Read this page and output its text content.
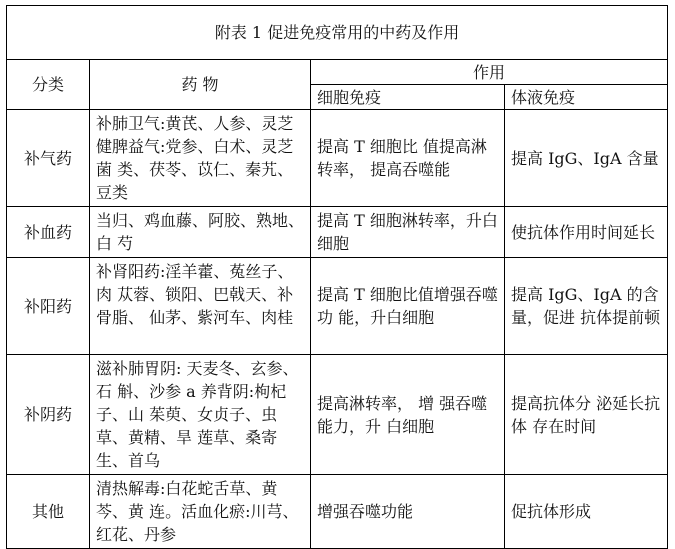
附表 1 促进免疫常用的中药及作用			
分类	药 物	作用	
		细胞免疫	体液免疫
补气药	补肺卫气:黄芪、人参、灵芝 健脾益气:党参、白术、灵芝菌 类、茯苓、苡仁、秦艽、豆类	提高 T 细胞比 值提高淋转率， 提高吞噬能	提高 IgG、IgA 含量
补血药	当归、鸡血藤、阿胶、熟地、白 芍	提高 T 细胞淋转率，升白细胞	使抗体作用时间延长
补阳药	补肾阳药:淫羊藿、菟丝子、肉 苁蓉、锁阳、巴戟天、补骨脂、 仙茅、紫河车、肉桂	提高 T 细胞比值增强吞噬功 能，升白细胞	提高 IgG、IgA 的含量，促进 抗体提前顿
补阴药	滋补肺胃阴: 天麦冬、玄参、石 斛、沙参 a 养背阴:枸杞子、山 茱萸、女贞子、虫草、黄精、旱 莲草、桑寄生、首乌	提高淋转率， 增 强吞噬能力，升 白细胞	提高抗体分 泌延长抗体 存在时间
其他	清热解毒:白花蛇舌草、黄芩、黄 连。活血化瘀:川芎、红花、丹参	增强吞噬功能	促抗体形成
